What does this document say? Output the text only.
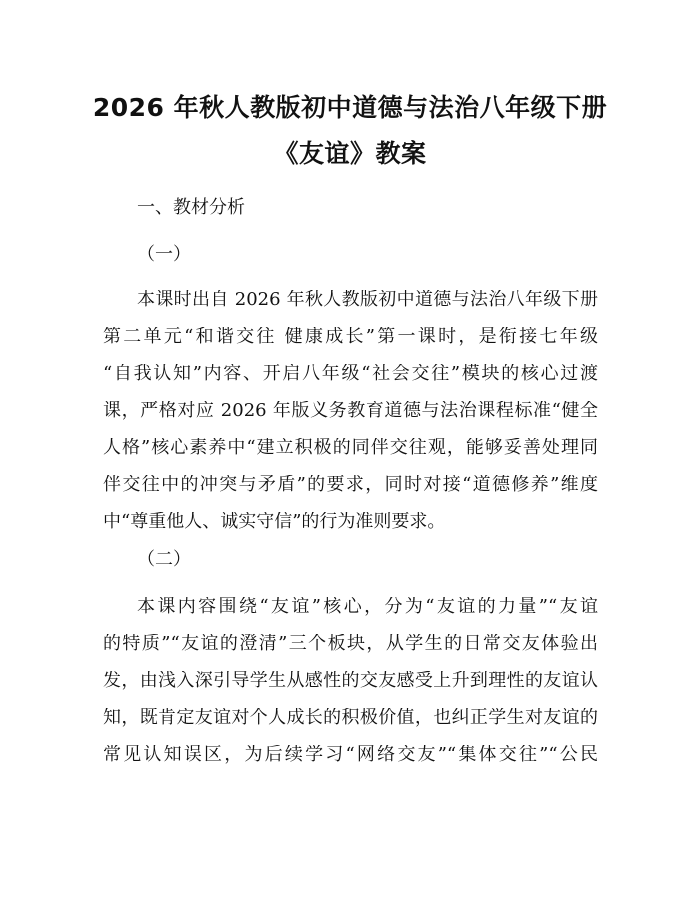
2026 年秋人教版初中道德与法治八年级下册
《友谊》教案
一、教材分析
（一）
本课时出自 2026 年秋人教版初中道德与法治八年级下册
第二单元“和谐交往 健康成长”第一课时，是衔接七年级
“自我认知”内容、开启八年级“社会交往”模块的核心过渡
课，严格对应 2026 年版义务教育道德与法治课程标准“健全
人格”核心素养中“建立积极的同伴交往观，能够妥善处理同
伴交往中的冲突与矛盾”的要求，同时对接“道德修养”维度
中“尊重他人、诚实守信”的行为准则要求。
（二）
本课内容围绕“友谊”核心，分为“友谊的力量”“友谊
的特质”“友谊的澄清”三个板块，从学生的日常交友体验出
发，由浅入深引导学生从感性的交友感受上升到理性的友谊认
知，既肯定友谊对个人成长的积极价值，也纠正学生对友谊的
常见认知误区，为后续学习“网络交友”“集体交往”“公民
